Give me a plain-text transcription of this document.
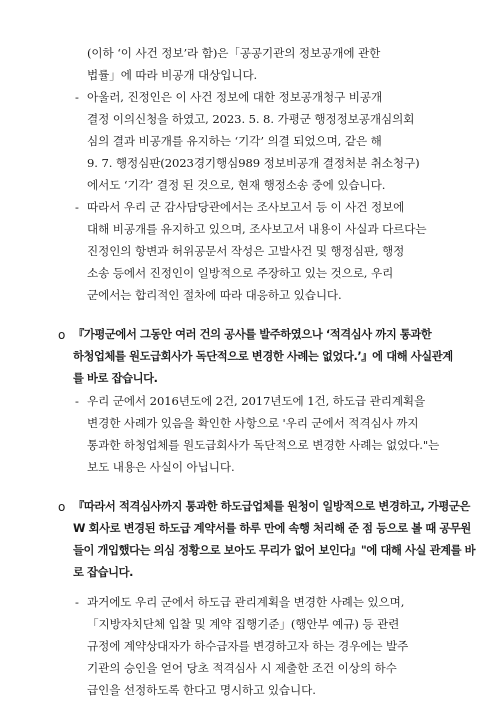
(이하 ‘이 사건 정보’라 함)은「공공기관의 정보공개에 관한
법률」에 따라 비공개 대상입니다.
- 아울러, 진정인은 이 사건 정보에 대한 정보공개청구 비공개
결정 이의신청을 하였고, 2023. 5. 8. 가평군 행정정보공개심의회
심의 결과 비공개를 유지하는 ‘기각’ 의결 되었으며, 같은 해
9. 7. 행정심판(2023경기행심989 정보비공개 결정처분 취소청구)
에서도 ‘기각’ 결정 된 것으로, 현재 행정소송 중에 있습니다.
- 따라서 우리 군 감사담당관에서는 조사보고서 등 이 사건 정보에
대해 비공개를 유지하고 있으며, 조사보고서 내용이 사실과 다르다는
진정인의 항변과 허위공문서 작성은 고발사건 및 행정심판, 행정
소송 등에서 진정인이 일방적으로 주장하고 있는 것으로, 우리
군에서는 합리적인 절차에 따라 대응하고 있습니다.
o 『가평군에서 그동안 여러 건의 공사를 발주하였으나 ‘적격심사 까지 통과한
하청업체를 원도급회사가 독단적으로 변경한 사례는 없었다.’』에 대해 사실관계
를 바로 잡습니다.
- 우리 군에서 2016년도에 2건, 2017년도에 1건, 하도급 관리계획을
변경한 사례가 있음을 확인한 사항으로 '우리 군에서 적격심사 까지
통과한 하청업체를 원도급회사가 독단적으로 변경한 사례는 없었다."는
보도 내용은 사실이 아닙니다.
o 『따라서 적격심사까지 통과한 하도급업체를 원청이 일방적으로 변경하고, 가평군은
W 회사로 변경된 하도급 계약서를 하루 만에 속행 처리해 준 점 등으로 볼 때 공무원
들이 개입했다는 의심 정황으로 보아도 무리가 없어 보인다』"에 대해 사실 관계를 바
로 잡습니다.
- 과거에도 우리 군에서 하도급 관리계획을 변경한 사례는 있으며,
「지방자치단체 입찰 및 계약 집행기준」(행안부 예규) 등 관련
규정에 계약상대자가 하수급자를 변경하고자 하는 경우에는 발주
기관의 승인을 얻어 당초 적격심사 시 제출한 조건 이상의 하수
급인을 선정하도록 한다고 명시하고 있습니다.
